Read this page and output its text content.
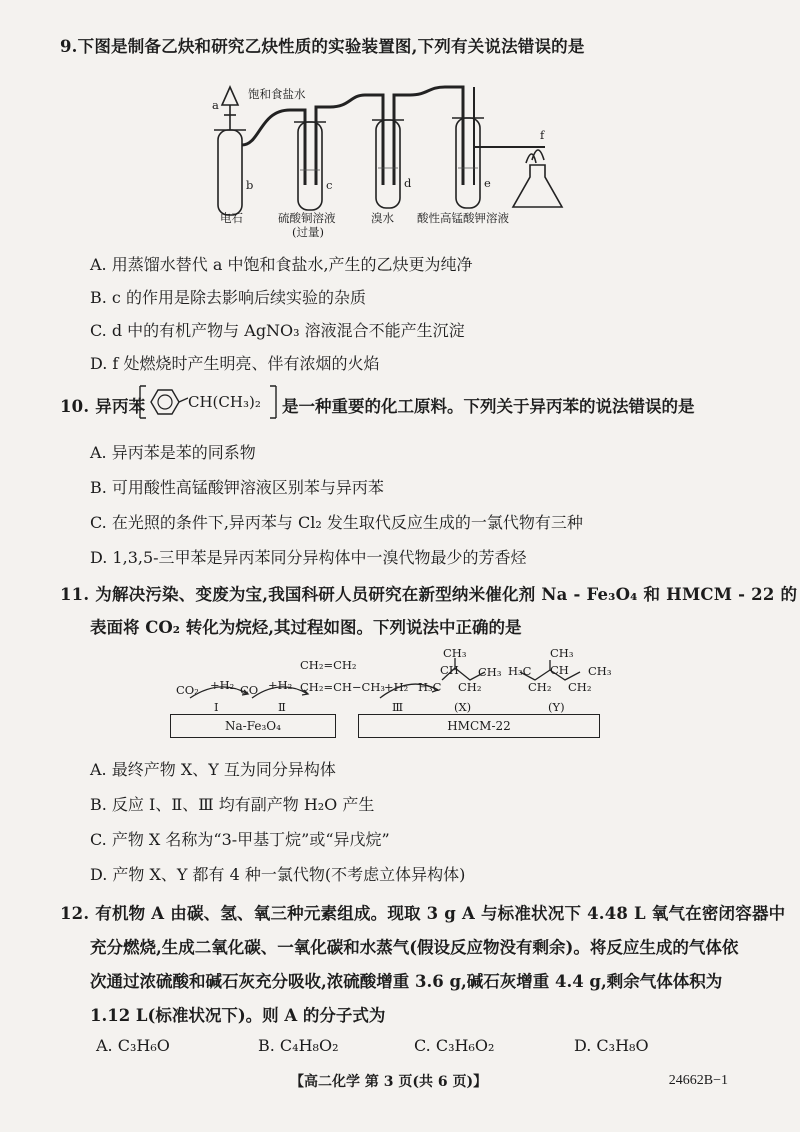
9.下图是制备乙炔和研究乙炔性质的实验装置图,下列有关说法错误的是
a
饱和食盐水
b	c	d	e
f
电石	硫酸铜溶液
(过量)
溴水 酸性高锰酸钾溶液
A. 用蒸馏水替代 a 中饱和食盐水,产生的乙炔更为纯净
B. c 的作用是除去影响后续实验的杂质
C. d 中的有机产物与 AgNO₃ 溶液混合不能产生沉淀
D. f 处燃烧时产生明亮、伴有浓烟的火焰
10. 异丙苯	CH(CH₃)₂ 是一种重要的化工原料。下列关于异丙苯的说法错误的是
A. 异丙苯是苯的同系物
B. 可用酸性高锰酸钾溶液区别苯与异丙苯
C. 在光照的条件下,异丙苯与 Cl₂ 发生取代反应生成的一氯代物有三种
D. 1,3,5-三甲苯是异丙苯同分异构体中一溴代物最少的芳香烃
11. 为解决污染、变废为宝,我国科研人员研究在新型纳米催化剂 Na - Fe₃O₄ 和 HMCM - 22 的
表面将 CO₂ 转化为烷烃,其过程如图。下列说法中正确的是
CO₂ +H₂ CO +H₂
CH₂=CH₂
CH₂=CH−CH₃ +H₂
CH₃
CH CH₃
H₃C CH₂
(X)
CH₃
H₃C CH CH₃
CH₂ CH₂
(Y)
Ⅰ	Ⅱ	Ⅲ
Na-Fe₃O₄	HMCM-22
A. 最终产物 X、Y 互为同分异构体
B. 反应 Ⅰ、Ⅱ、Ⅲ 均有副产物 H₂O 产生
C. 产物 X 名称为“3-甲基丁烷”或“异戊烷”
D. 产物 X、Y 都有 4 种一氯代物(不考虑立体异构体)
12. 有机物 A 由碳、氢、氧三种元素组成。现取 3 g A 与标准状况下 4.48 L 氧气在密闭容器中
充分燃烧,生成二氧化碳、一氧化碳和水蒸气(假设反应物没有剩余)。将反应生成的气体依
次通过浓硫酸和碱石灰充分吸收,浓硫酸增重 3.6 g,碱石灰增重 4.4 g,剩余气体体积为
1.12 L(标准状况下)。则 A 的分子式为
A. C₃H₆O	B. C₄H₈O₂	C. C₃H₆O₂	D. C₃H₈O
【高二化学 第 3 页(共 6 页)】	24662B−1
